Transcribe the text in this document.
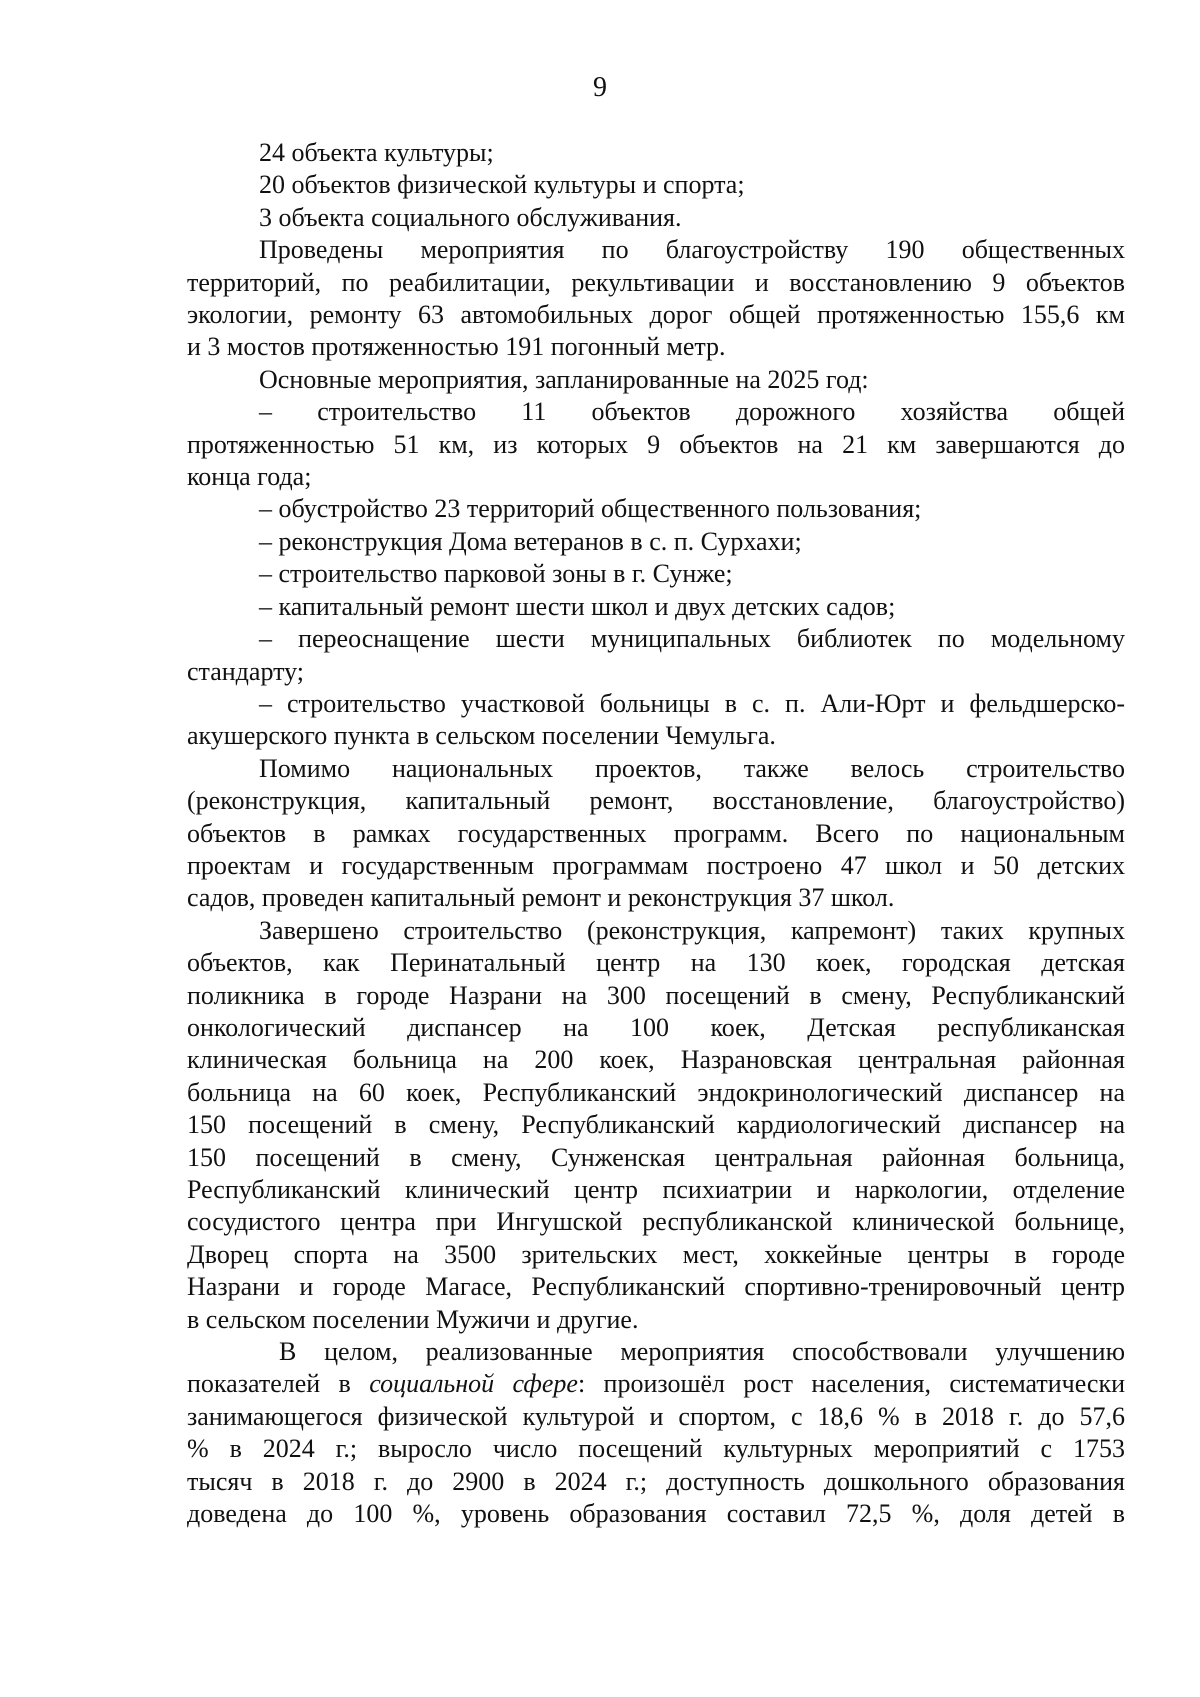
9

24 объекта культуры;

20 объектов физической культуры и спорта;

3 объекта социального обслуживания.

Проведены мероприятия по благоустройству 190 общественных
территорий, по реабилитации, рекультивации и восстановлению 9 объектов
экологии, ремонту 63 автомобильных дорог общей протяженностью 155,6 км
и 3 мостов протяженностью 191 погонный метр.

Основные мероприятия, запланированные на 2025 год:

– строительство 11 объектов дорожного хозяйства общей
протяженностью 51 км, из которых 9 объектов на 21 км завершаются до
конца года;

– обустройство 23 территорий общественного пользования;

– реконструкция Дома ветеранов в с. п. Сурхахи;

– строительство парковой зоны в г. Сунже;

– капитальный ремонт шести школ и двух детских садов;

– переоснащение шести муниципальных библиотек по модельному
стандарту;
– строительство участковой больницы в с. п. Али-Юрт и фельдшерско-
акушерского пункта в сельском поселении Чемульга.
Помимо национальных проектов, также велось строительство
(реконструкция, капитальный ремонт, восстановление, благоустройство)
объектов в рамках государственных программ. Всего по национальным
проектам и государственным программам построено 47 школ и 50 детских
садов, проведен капитальный ремонт и реконструкция 37 школ.
Завершено строительство (реконструкция, капремонт) таких крупных
объектов, как Перинатальный центр на 130 коек, городская детская
поликника в городе Назрани на 300 посещений в смену, Республиканский
онкологический диспансер на 100 коек, Детская республиканская
клиническая больница на 200 коек, Назрановская центральная районная
больница на 60 коек, Республиканский эндокринологический диспансер на
150 посещений в смену, Республиканский кардиологический диспансер на
150 посещений в смену, Сунженская центральная районная больница,
Республиканский клинический центр психиатрии и наркологии, отделение
сосудистого центра при Ингушской республиканской клинической больнице,
Дворец спорта на 3500 зрительских мест, хоккейные центры в городе
Назрани и городе Магасе, Республиканский спортивно-тренировочный центр
в сельском поселении Мужичи и другие.
В целом, реализованные мероприятия способствовали улучшению
показателей в социальной сфере: произошёл рост населения, систематически
занимающегося физической культурой и спортом, с 18,6 % в 2018 г. до 57,6
% в 2024 г.; выросло число посещений культурных мероприятий с 1753
тысяч в 2018 г. до 2900 в 2024 г.; доступность дошкольного образования
доведена до 100 %, уровень образования составил 72,5 %, доля детей в
